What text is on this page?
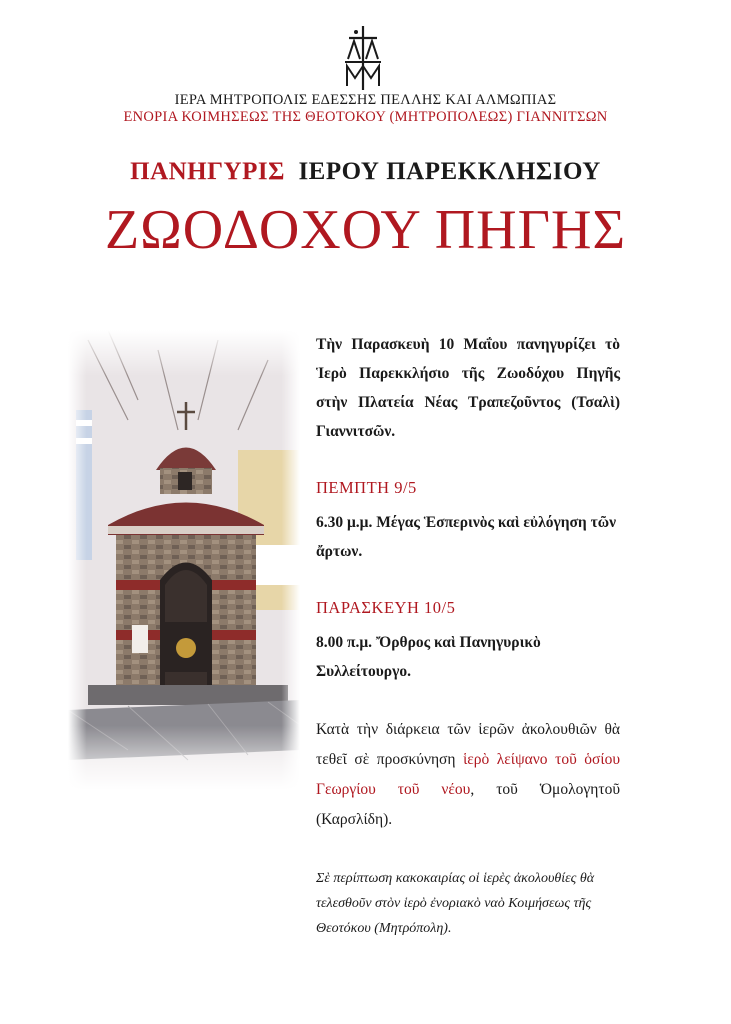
ΙΕΡΑ ΜΗΤΡΟΠΟΛΙΣ ΕΔΕΣΣΗΣ ΠΕΛΛΗΣ ΚΑΙ ΑΛΜΩΠΙΑΣ
ΕΝΟΡΙΑ ΚΟΙΜΗΣΕΩΣ ΤΗΣ ΘΕΟΤΟΚΟΥ (ΜΗΤΡΟΠΟΛΕΩΣ) ΓΙΑΝΝΙΤΣΩΝ
ΠΑΝΗΓΥΡΙΣ ΙΕΡΟΥ ΠΑΡΕΚΚΛΗΣΙΟΥ
ΖΩΟΔΟΧΟΥ ΠΗΓΗΣ
Τὴν Παρασκευὴ 10 Μαΐου πανηγυρίζει τὸ Ἱερὸ Παρεκκλήσιο τῆς Ζωοδόχου Πηγῆς στὴν Πλατεία Νέας Τραπεζοῦντος (Τσαλὶ) Γιαννιτσῶν.
ΠΕΜΠΤΗ 9/5
6.30 μ.μ. Μέγας Ἑσπερινὸς καὶ εὐλόγηση τῶν ἄρτων.
ΠΑΡΑΣΚΕΥΗ 10/5
8.00 π.μ. Ὄρθρος καὶ Πανηγυρικὸ Συλλείτουργο.
Κατὰ τὴν διάρκεια τῶν ἱερῶν ἀκολουθιῶν θὰ τεθεῖ σὲ προσκύνηση ἱερὸ λείψανο τοῦ ὁσίου Γεωργίου τοῦ νέου, τοῦ Ὁμολογητοῦ (Καρσλίδη).
Σὲ περίπτωση κακοκαιρίας οἱ ἱερὲς ἀκολουθίες θὰ τελεσθοῦν στὸν ἱερὸ ἐνοριακὸ ναὸ Κοιμήσεως τῆς Θεοτόκου (Μητρόπολη).
